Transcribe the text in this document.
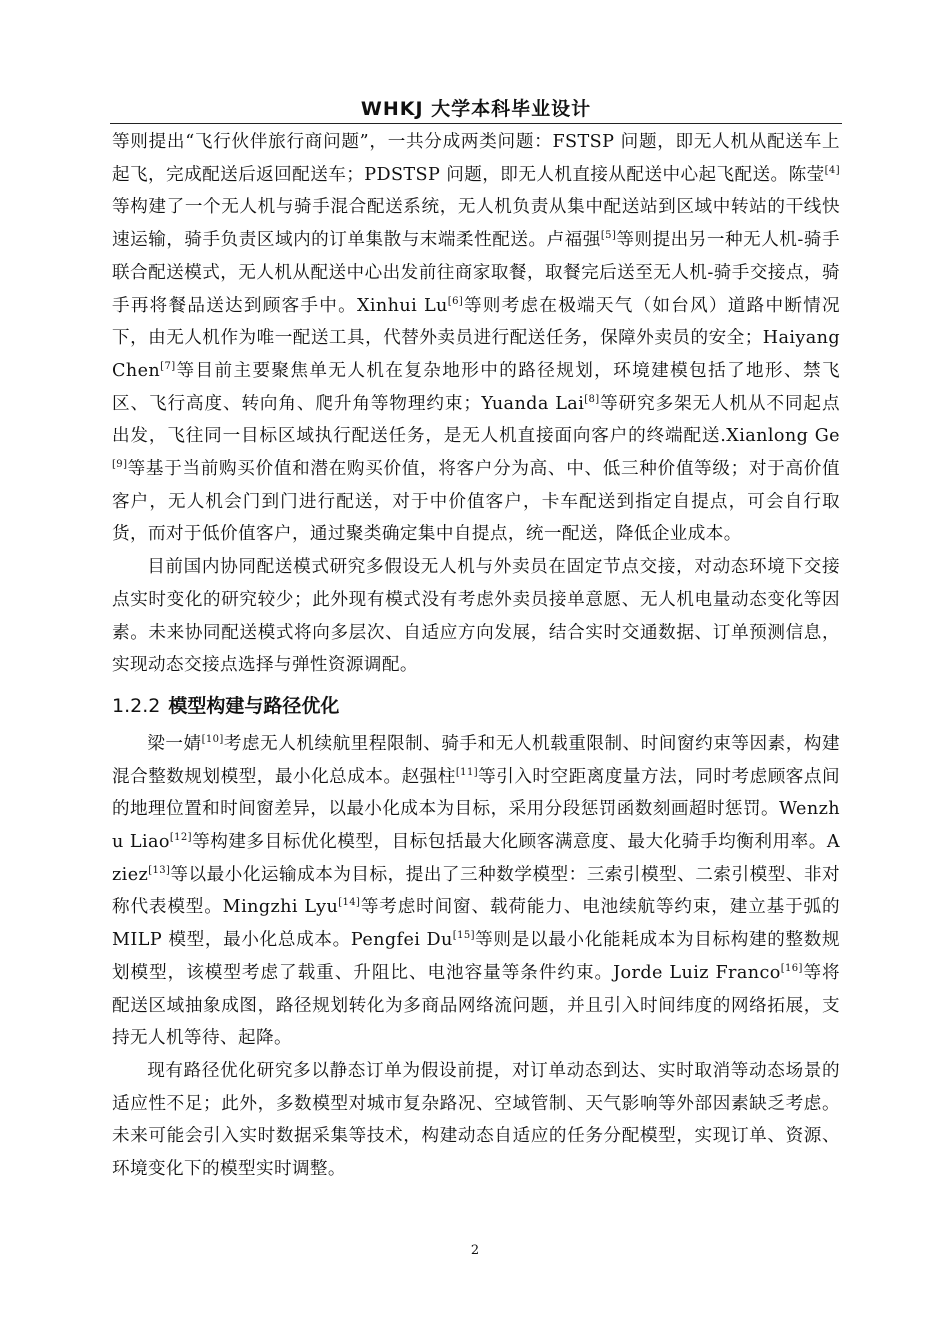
WHKJ 大学本科毕业设计

等则提出“飞行伙伴旅行商问题”，一共分成两类问题：FSTSP 问题，即无人机从配送车上起飞，完成配送后返回配送车；PDSTSP 问题，即无人机直接从配送中心起飞配送。陈莹[4]等构建了一个无人机与骑手混合配送系统，无人机负责从集中配送站到区域中转站的干线快速运输，骑手负责区域内的订单集散与末端柔性配送。卢福强[5]等则提出另一种无人机-骑手联合配送模式，无人机从配送中心出发前往商家取餐，取餐完后送至无人机-骑手交接点，骑手再将餐品送达到顾客手中。Xinhui Lu[6]等则考虑在极端天气（如台风）道路中断情况下，由无人机作为唯一配送工具，代替外卖员进行配送任务，保障外卖员的安全；Haiyang Chen[7]等目前主要聚焦单无人机在复杂地形中的路径规划，环境建模包括了地形、禁飞区、飞行高度、转向角、爬升角等物理约束；Yuanda Lai[8]等研究多架无人机从不同起点出发，飞往同一目标区域执行配送任务，是无人机直接面向客户的终端配送.Xianlong Ge[9]等基于当前购买价值和潜在购买价值，将客户分为高、中、低三种价值等级；对于高价值客户，无人机会门到门进行配送，对于中价值客户，卡车配送到指定自提点，可会自行取货，而对于低价值客户，通过聚类确定集中自提点，统一配送，降低企业成本。

目前国内协同配送模式研究多假设无人机与外卖员在固定节点交接，对动态环境下交接点实时变化的研究较少；此外现有模式没有考虑外卖员接单意愿、无人机电量动态变化等因素。未来协同配送模式将向多层次、自适应方向发展，结合实时交通数据、订单预测信息，实现动态交接点选择与弹性资源调配。

1.2.2 模型构建与路径优化

梁一婧[10]考虑无人机续航里程限制、骑手和无人机载重限制、时间窗约束等因素，构建混合整数规划模型，最小化总成本。赵强柱[11]等引入时空距离度量方法，同时考虑顾客点间的地理位置和时间窗差异，以最小化成本为目标，采用分段惩罚函数刻画超时惩罚。Wenzhu Liao[12]等构建多目标优化模型，目标包括最大化顾客满意度、最大化骑手均衡利用率。Aziez[13]等以最小化运输成本为目标，提出了三种数学模型：三索引模型、二索引模型、非对称代表模型。Mingzhi Lyu[14]等考虑时间窗、载荷能力、电池续航等约束，建立基于弧的 MILP 模型，最小化总成本。Pengfei Du[15]等则是以最小化能耗成本为目标构建的整数规划模型，该模型考虑了载重、升阻比、电池容量等条件约束。Jorde Luiz Franco[16]等将配送区域抽象成图，路径规划转化为多商品网络流问题，并且引入时间纬度的网络拓展，支持无人机等待、起降。

现有路径优化研究多以静态订单为假设前提，对订单动态到达、实时取消等动态场景的适应性不足；此外，多数模型对城市复杂路况、空域管制、天气影响等外部因素缺乏考虑。未来可能会引入实时数据采集等技术，构建动态自适应的任务分配模型，实现订单、资源、环境变化下的模型实时调整。

2
